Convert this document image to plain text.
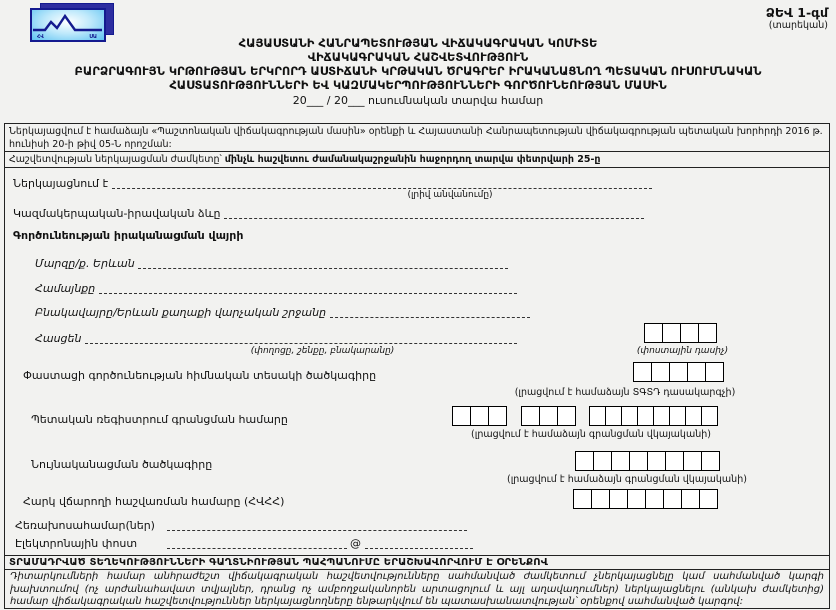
ՀՎ	ՍԱ
ՁԵՎ 1-գմ
(տարեկան)
ՀԱՅԱՍՏԱՆԻ ՀԱՆՐԱՊԵՏՈՒԹՅԱՆ ՎԻՃԱԿԱԳՐԱԿԱՆ ԿՈՄԻՏԵ
ՎԻՃԱԿԱԳՐԱԿԱՆ ՀԱՇՎԵՏՎՈՒԹՅՈՒՆ
ԲԱՐՁՐԱԳՈՒՅՆ ԿՐԹՈՒԹՅԱՆ ԵՐԿՐՈՐԴ ԱՍՏԻՃԱՆԻ ԿՐԹԱԿԱՆ ԾՐԱԳՐԵՐ ԻՐԱԿԱՆԱՑՆՈՂ ՊԵՏԱԿԱՆ ՈՒՍՈՒՄՆԱԿԱՆ
ՀԱՍՏԱՏՈՒԹՅՈՒՆՆԵՐԻ ԵՎ ԿԱԶՄԱԿԵՐՊՈՒԹՅՈՒՆՆԵՐԻ ԳՈՐԾՈՒՆԵՈՒԹՅԱՆ ՄԱՍԻՆ
20___ / 20___ ուսումնական տարվա համար
Ներկայացվում է համաձայն «Պաշտոնական վիճակագրության մասին» օրենքի և Հայաստանի Հանրապետության վիճակագրության պետական խորհրդի 2016 թ. հունիսի 20-ի թիվ 05-Ն որոշման:
Հաշվետվության ներկայացման ժամկետը՝ մինչև հաշվետու ժամանակաշրջանին հաջորդող տարվա փետրվարի 25-ը
Ներկայացնում է
(լրիվ անվանումը)
Կազմակերպական-իրավական ձևը
Գործունեության իրականացման վայրի
Մարզը/ք. Երևան
Համայնքը
Բնակավայրը/Երևան քաղաքի վարչական շրջանը
Հասցեն
(փողոցը, շենքը, բնակարանը)	(փոստային դասիչ)
Փաստացի գործունեության հիմնական տեսակի ծածկագիրը
(լրացվում է համաձայն ՏԳՏԴ դասակարգչի)
Պետական ռեգիստրում գրանցման համարը
(լրացվում է համաձայն գրանցման վկայականի)
Նույնականացման ծածկագիրը
(լրացվում է համաձայն գրանցման վկայականի)
Հարկ վճարողի հաշվառման համարը (ՀՎՀՀ)
Հեռախոսահամար(ներ)
Էլեկտրոնային փոստ	@
ՏՐԱՄԱԴՐՎԱԾ ՏԵՂԵԿՈՒԹՅՈՒՆՆԵՐԻ ԳԱՂՏՆԻՈՒԹՅԱՆ ՊԱՀՊԱՆՈՒՄԸ ԵՐԱՇԽԱՎՈՐՎՈՒՄ Է ՕՐԵՆՔՈՎ
Դիտարկումների համար անհրաժեշտ վիճակագրական հաշվետվությունները սահմանված ժամկետում չներկայացնելը կամ սահմանված կարգի խախտումով (ոչ արժանահավատ տվյալներ, դրանց ոչ ամբողջականորեն արտացոլում և այլ աղավաղումներ) ներկայացնելու (անկախ ժամկետից) համար վիճակագրական հաշվետվություններ ներկայացնողները ենթարկվում են պատասխանատվության՝ օրենքով սահմանված կարգով:
